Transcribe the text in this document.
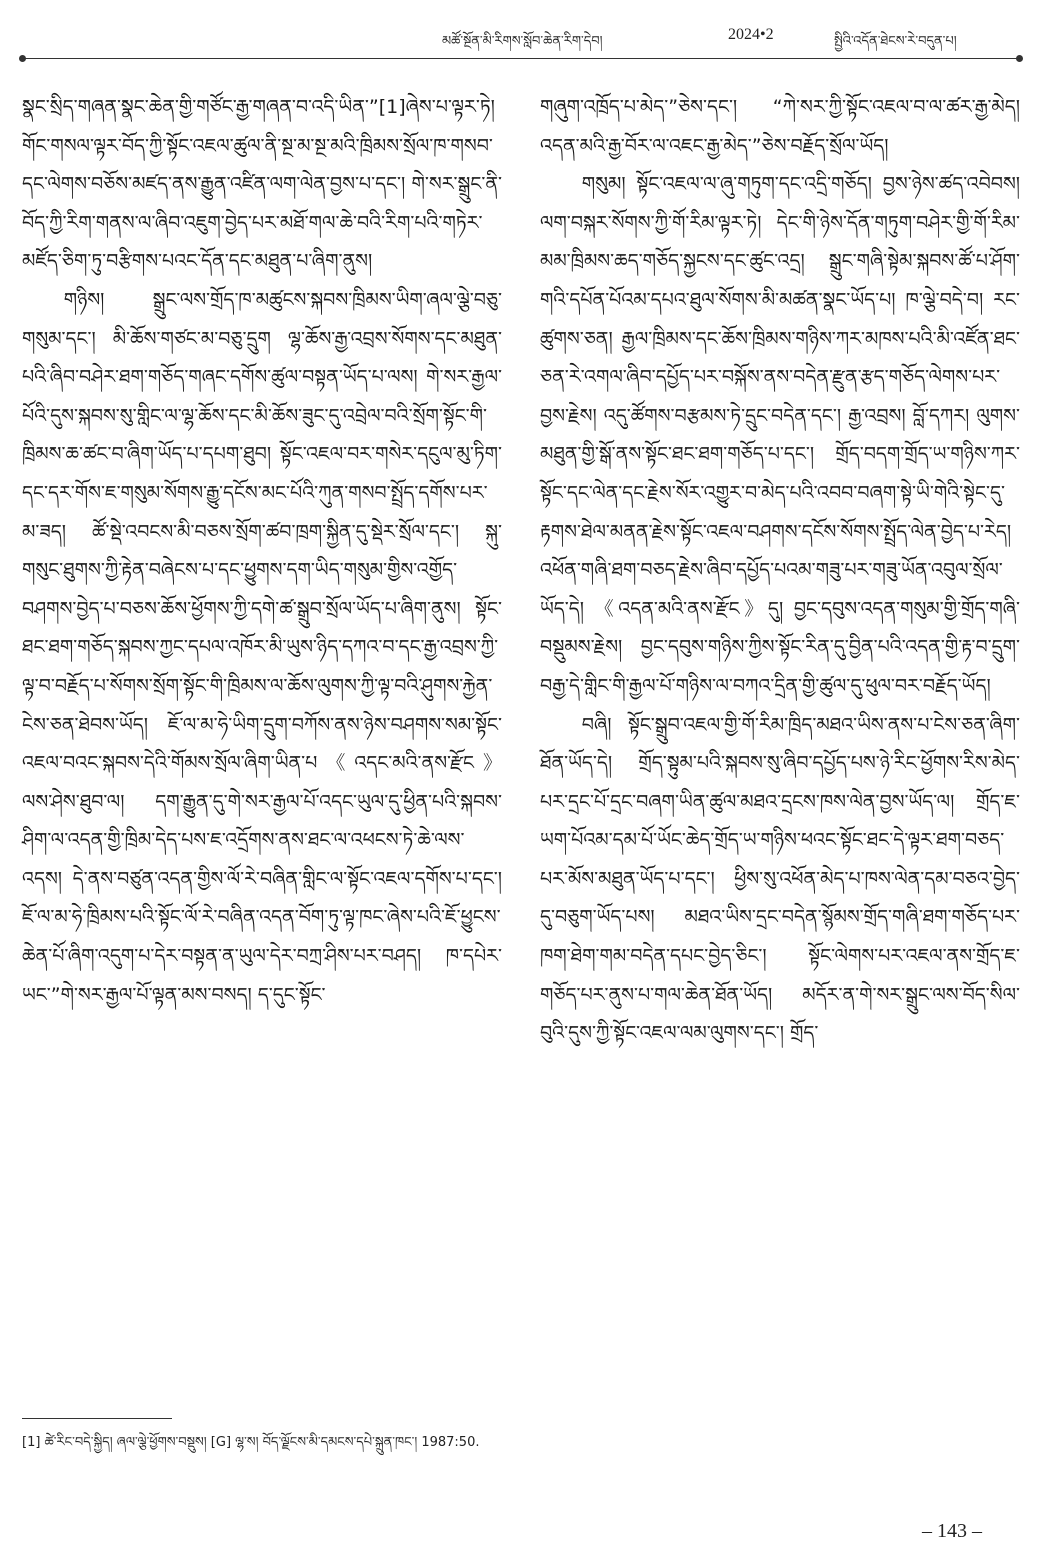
མཚོ་སྔོན་མི་རིགས་སློབ་ཆེན་རིག་དེབ།	2024•2	སྤྱིའི་འདོན་ཐེངས་རེ་བདུན་པ།

སྣང་སྲིད་གཞན་སྣང་ཆེན་གྱི་གཙོང་རྒྱ་གཞན་བ་འདི་ཡིན་”[1]ཞེས་པ་ལྟར་ཏེ། གོང་གསལ་ལྟར་བོད་ཀྱི་སྟོང་འཇལ་ཚུལ་ནི་སྔ་མ་སྔ་མའི་ཁྲིམས་སྲོལ་ཁ་གསབ་དང་ལེགས་བཅོས་མཛད་ནས་རྒྱུན་འཛིན་ལག་ལེན་བྱས་པ་དང་། གེ་སར་སྒྲུང་ནི་བོད་ཀྱི་རིག་གནས་ལ་ཞིབ་འཇུག་བྱེད་པར་མཐོ་གལ་ཆེ་བའི་རིག་པའི་གཏེར་མཛོད་ཅིག་ཏུ་བརྩིགས་པའང་དོན་དང་མཐུན་པ་ཞིག་ནུས།

གཉིས། སྒྲུང་ལས་གྲོད་ཁ་མཚུངས་སྐབས་ཁྲིམས་ཡིག་ཞལ་ལྕེ་བཅུ་གསུམ་དང་། མི་ཆོས་གཙང་མ་བཅུ་དྲུག ལྷ་ཆོས་རྒྱ་འབྲས་སོགས་དང་མཐུན་པའི་ཞིབ་བཤེར་ཐག་གཅོད་གཞང་དགོས་ཚུལ་བསྟན་ཡོད་པ་ལས། གེ་སར་རྒྱལ་པོའི་དུས་སྐབས་སུ་གླིང་ལ་ལྷ་ཆོས་དང་མི་ཆོས་ཟུང་དུ་འབྲེལ་བའི་སྲོག་སྟོང་གི་ཁྲིམས་ཆ་ཚང་བ་ཞིག་ཡོད་པ་དཔག་ཐུབ། སྟོང་འཇལ་བར་གསེར་དངུལ་མུ་ཏིག་དང་དར་གོས་ཇ་གསུམ་སོགས་རྒྱུ་དངོས་མང་པོའི་ཀུན་གསབ་སྤྲོད་དགོས་པར་མ་ཟད། ཚོ་སྡེ་འབངས་མི་བཅས་སྲོག་ཚབ་ཁྲག་སྐྱིན་དུ་སྡེར་སྲོལ་དང་། སྐུ་གསུང་ཐུགས་ཀྱི་རྟེན་བཞེངས་པ་དང་ཕྱུགས་དག་ཡིད་གསུམ་གྱིས་འགྱོད་བཤགས་བྱེད་པ་བཅས་ཆོས་ཕྱོགས་ཀྱི་དགེ་ཚ་སྒྲུབ་སྲོལ་ཡོད་པ་ཞིག་ནུས། སྟོང་ཐང་ཐག་གཅོད་སྐབས་ཀྱང་དཔལ་འཁོར་མི་ཡུས་ཉིད་དཀའ་བ་དང་རྒྱ་འབྲས་ཀྱི་ལྟ་བ་བརྗོད་པ་སོགས་སྲོག་སྟོང་གི་ཁྲིམས་ལ་ཆོས་ལུགས་ཀྱི་ལྟ་བའི་ཤུགས་རྐྱེན་ངེས་ཅན་ཐེབས་ཡོད། ཇོ་ལ་མ་ཧེ་ཡིག་དྲུག་བཀོས་ནས་ཉེས་བཤགས་སམ་སྟོང་འཇལ་བའང་སྐབས་དེའི་གོམས་སྲོལ་ཞིག་ཡིན་པ《འདང་མའི་ནས་རྫོང》ལས་ཤེས་ཐུབ་ལ། དག་རྒྱུན་དུ་གེ་སར་རྒྱལ་པོ་འདང་ཡུལ་དུ་ཕྱིན་པའི་སྐབས་ཤིག་ལ་འདན་གྱི་ཁྲིམ་དེད་པས་ཇ་འདྲོགས་ནས་ཐང་ལ་འཕངས་ཏེ་ཆེ་ལས་འདས། དེ་ནས་བཙུན་འདན་གྱིས་ལོ་རེ་བཞིན་གླིང་ལ་སྟོང་འཇལ་དགོས་པ་དང་། ཇོ་ལ་མ་ཧེ་ཁྲིམས་པའི་སྟོང་ལོ་རེ་བཞིན་འདན་བོག་ཏུ་ལྟ་ཁང་ཞེས་པའི་ཇོ་ཕྱུངས་ཆེན་པོ་ཞིག་འདུག་པ་དེར་བསྟན་ན་ཡུལ་དེར་བཀྲ་ཤིས་པར་བཤད། ཁ་དཔེར་ཡང་”གེ་སར་རྒྱལ་པོ་ལྟན་མས་བསད། ད་དུང་སྟོང་

གཞུག་འཁྲོད་པ་མེད་”ཅེས་དང་། “ཀེ་སར་ཀྱི་སྟོང་འཇལ་བ་ལ་ཚར་རྒྱ་མེད། འདན་མའི་རྒྱ་བོར་ལ་འཇང་རྒྱ་མེད་”ཅེས་བརྗོད་སྲོལ་ཡོད།

གསུམ། སྟོང་འཇལ་ལ་ཞུ་གཏུག་དང་འདྲི་གཅོད། བྱས་ཉེས་ཚད་འབེབས། ལག་བསྐར་སོགས་ཀྱི་གོ་རིམ་ལྟར་ཏེ། དེང་གི་ཉེས་དོན་གཏུག་བཤེར་གྱི་གོ་རིམ་མམ་ཁྲིམས་ཆད་གཅོད་སྐྱངས་དང་ཚུང་འདྲ། སྒྲུང་གཞི་སྟེམ་སྐབས་ཚོ་པ་ཤོག་གའི་དཔོན་པོའམ་དཔའ་ཐུལ་སོགས་མི་མཚན་སྣང་ཡོད་པ། ཁ་ལྕེ་བདེ་བ། རང་ཚུགས་ཅན། རྒྱལ་ཁྲིམས་དང་ཆོས་ཁྲིམས་གཉིས་ཀར་མཁས་པའི་མི་འཛོན་ཐང་ཅན་རེ་འགལ་ཞིབ་དཔྱོད་པར་བསྐོས་ནས་བདེན་རྫུན་རྩད་གཅོད་ལེགས་པར་བྱས་རྗེས། འདུ་ཚོགས་བརྩམས་ཏེ་དྲུང་བདེན་དང་། རྒྱ་འབྲས། བློ་དཀར། ལུགས་མཐུན་གྱི་སྒོ་ནས་སྟོང་ཐང་ཐག་གཅོད་པ་དང་། གྲོད་བདག་གྲོད་ཡ་གཉིས་ཀར་སྟོང་དང་ལེན་དང་རྗེས་སོར་འགྱུར་བ་མེད་པའི་འབབ་བཞག་སྟེ་ཡི་གེའི་སྟེང་དུ་རྟགས་ཐེལ་མནན་རྗེས་སྟོང་འཇལ་བཤགས་དངོས་སོགས་སྤྲོད་ལེན་བྱེད་པ་རེད། འཕོན་གཞི་ཐག་བཅད་རྗེས་ཞིབ་དཔྱོད་པའམ་གཟུ་པར་གཟུ་ཡོན་འབུལ་སྲོལ་ཡོད་དེ། 《འདན་མའི་ནས་རྫོང》དུ། བྱང་དབུས་འདན་གསུམ་གྱི་གྲོད་གཞི་བསྡུམས་རྗེས། བྱང་དབུས་གཉིས་ཀྱིས་སྟོང་རིན་དུ་བྱིན་པའི་འདན་གྱི་རྟ་བ་དྲུག་བརྒྱ་དེ་གླིང་གི་རྒྱལ་པོ་གཉིས་ལ་བཀའ་དྲིན་གྱི་ཚུལ་དུ་ཕུལ་བར་བརྗོད་ཡོད།

བཞི། སྟོང་སྒྲུབ་འཇལ་གྱི་གོ་རིམ་ཁྲིད་མཐའ་ཡིས་ནས་པ་ངེས་ཅན་ཞིག་ཐོན་ཡོད་དེ། གྲོད་སྟུམ་པའི་སྐབས་སུ་ཞིབ་དཔྱོད་པས་ཉེ་རིང་ཕྱོགས་རིས་མེད་པར་དྲང་པོ་དྲང་བཞག་ཡིན་ཚུལ་མཐའ་དྲངས་ཁས་ལེན་བྱས་ཡོད་ལ། གྲོད་ཇ་ཡག་པོའམ་དམ་པོ་ཡོང་ཆེད་གྲོད་ཡ་གཉིས་ཕའང་སྟོང་ཐང་དེ་ལྟར་ཐག་བཅད་པར་མོས་མཐུན་ཡོད་པ་དང་། ཕྱིས་སུ་འཕོན་མེད་པ་ཁས་ལེན་དམ་བཅའ་བྱེད་དུ་བཅུག་ཡོད་པས། མཐའ་ཡིས་དྲང་བདེན་སྙོམས་གྲོད་གཞི་ཐག་གཅོད་པར་ཁག་ཐེག་གམ་བདེན་དཔང་བྱེད་ཅིང་། སྟོང་ལེགས་པར་འཇལ་ནས་གྲོད་ཇ་གཅོད་པར་ནུས་པ་གལ་ཆེན་ཐོན་ཡོད། མདོར་ན་གེ་སར་སྒྲུང་ལས་བོད་སིལ་བུའི་དུས་ཀྱི་སྟོང་འཇལ་ལམ་ལུགས་དང་། གྲོད་

[1] ཚེ་རིང་བདེ་སྐྱིད། ཞལ་ལྕེ་ཕྱོགས་བསྡུས། [G] ལྷ་ས། བོད་ལྗོངས་མི་དམངས་དཔེ་སྐྲུན་ཁང་། 1987:50.
– 143 –
